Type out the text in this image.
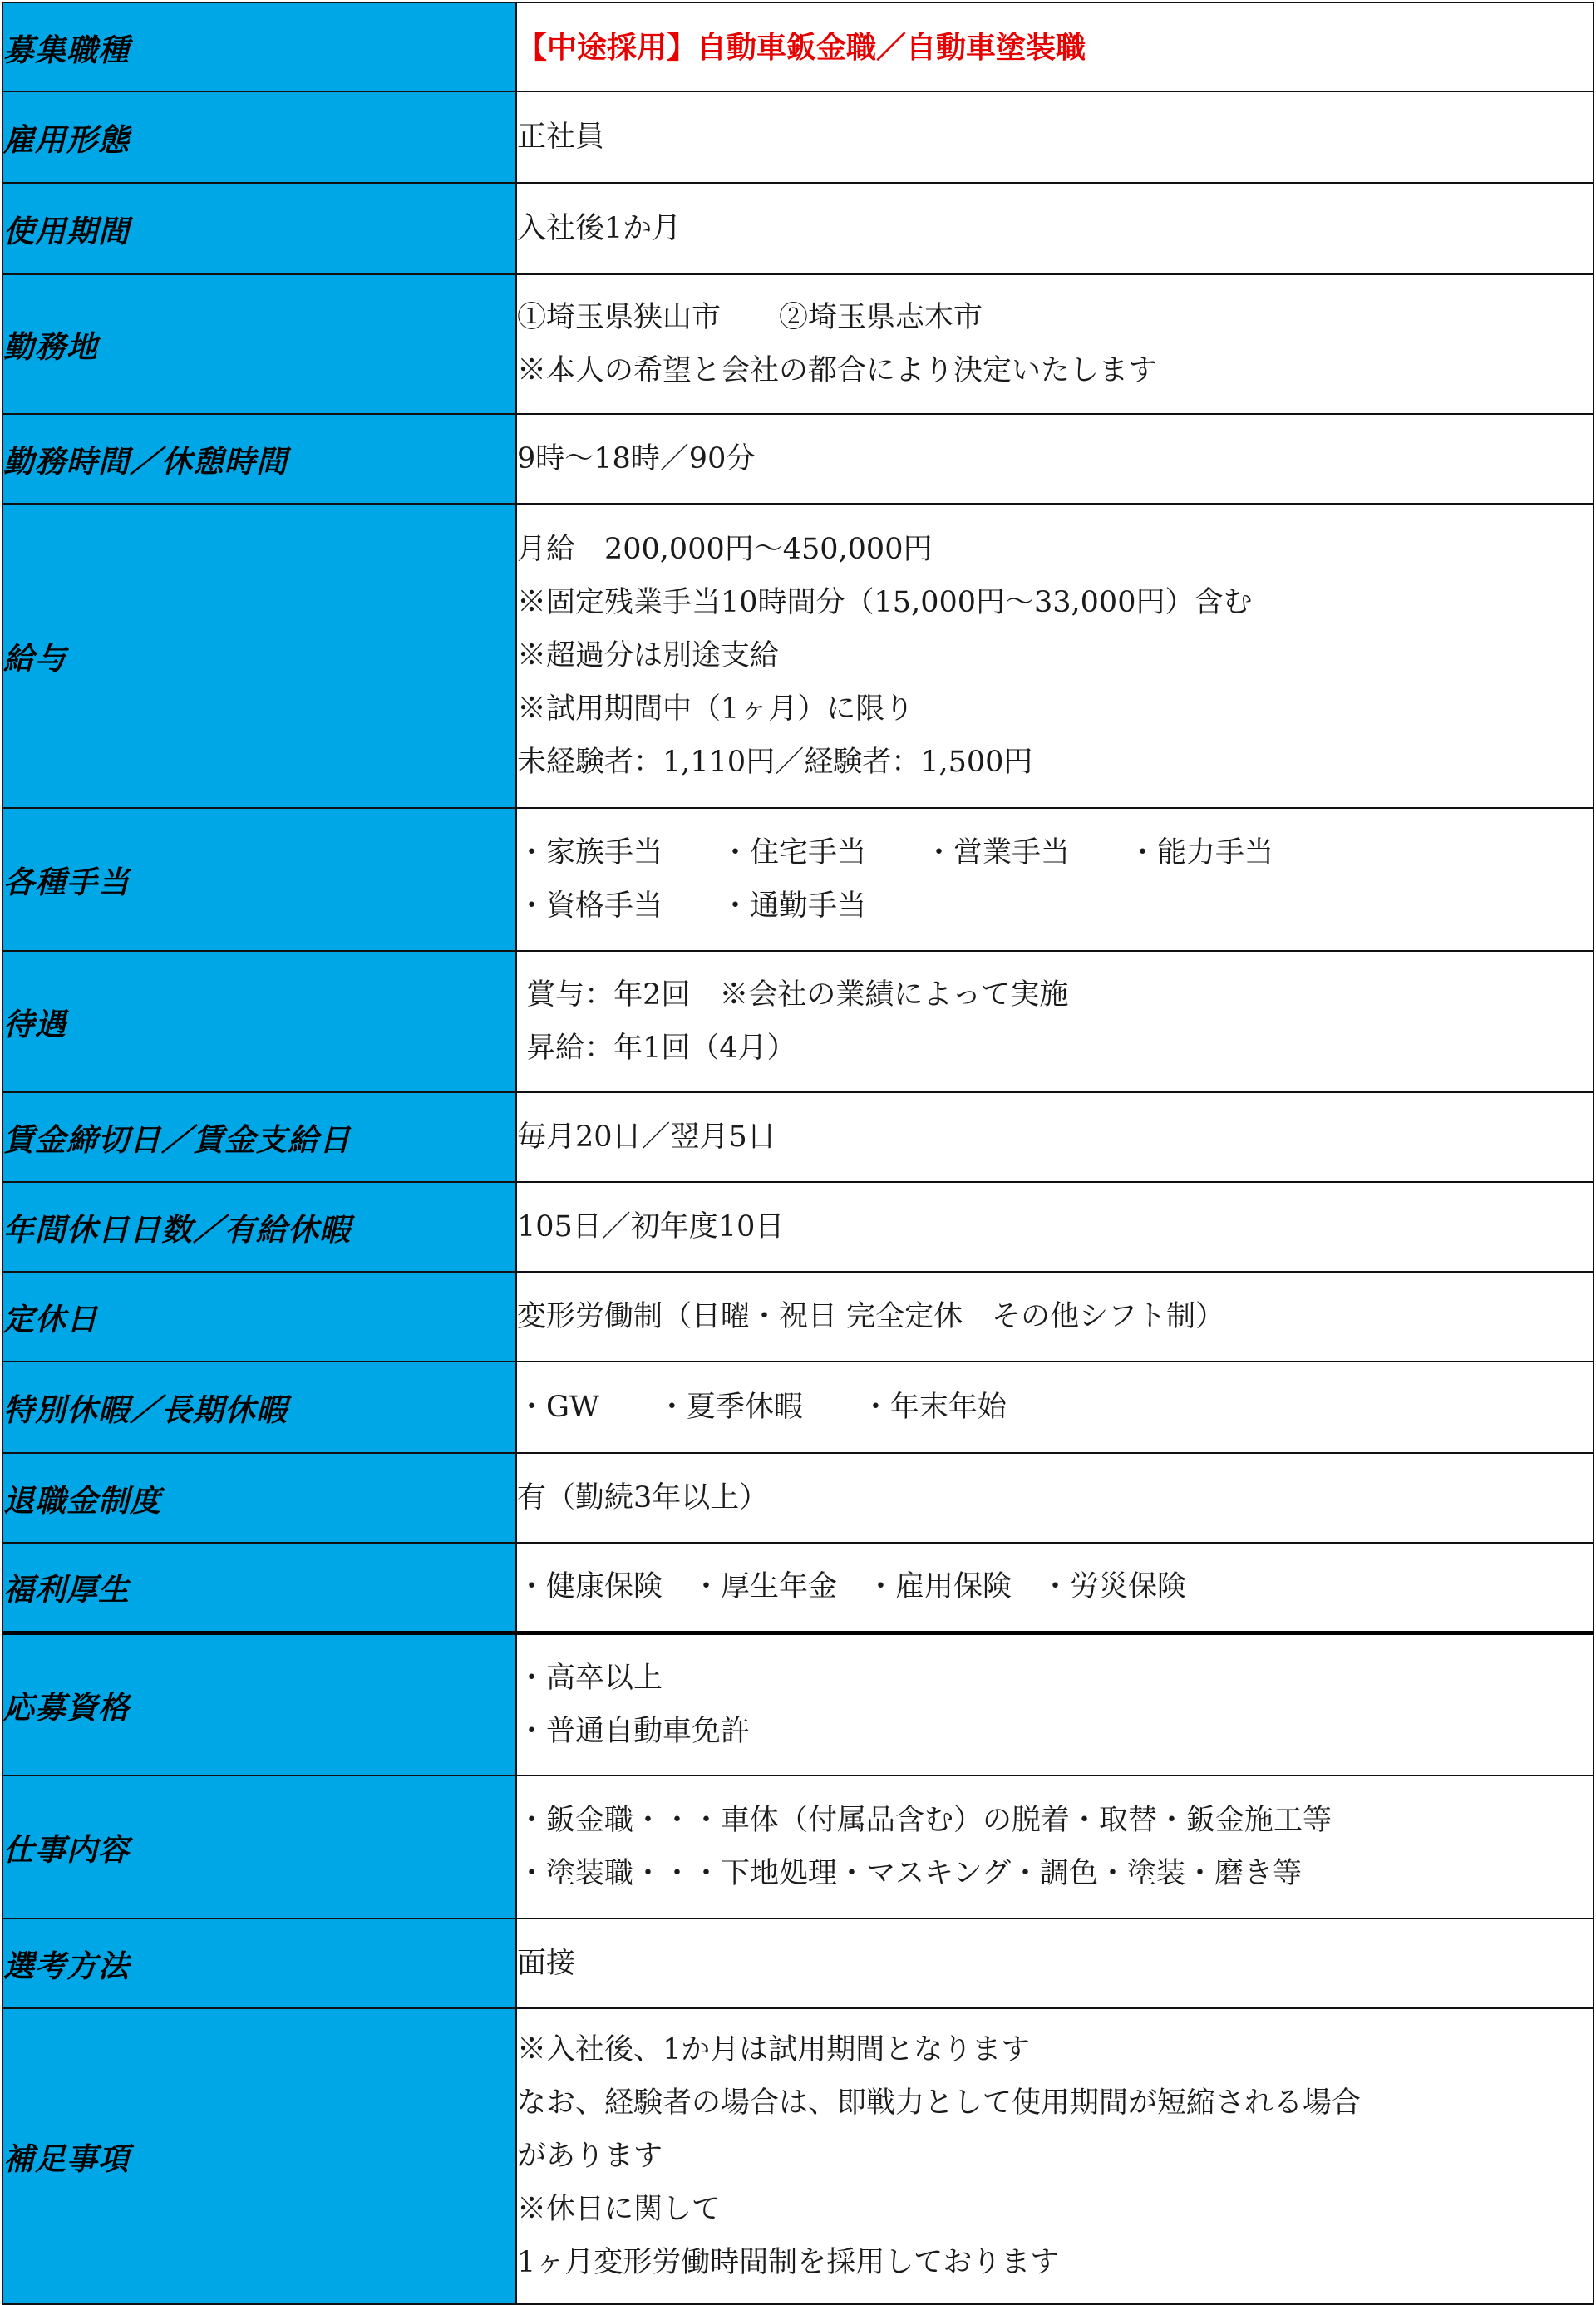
募集職種	【中途採用】自動車鈑金職／自動車塗装職

雇用形態	正社員

使用期間	入社後1か月

勤務地	①埼玉県狭山市　　②埼玉県志木市
※本人の希望と会社の都合により決定いたします

勤務時間／休憩時間	9時～18時／90分

給与	月給　200,000円～450,000円
※固定残業手当10時間分（15,000円～33,000円）含む
※超過分は別途支給
※試用期間中（1ヶ月）に限り
未経験者：1,110円／経験者：1,500円

各種手当	・家族手当　　・住宅手当　　・営業手当　　・能力手当
・資格手当　　・通勤手当

待遇	賞与：年2回　※会社の業績によって実施
昇給：年1回（4月）

賃金締切日／賃金支給日	毎月20日／翌月5日

年間休日日数／有給休暇	105日／初年度10日

定休日	変形労働制（日曜・祝日 完全定休　その他シフト制）

特別休暇／長期休暇	・GW　　・夏季休暇　　・年末年始

退職金制度	有（勤続3年以上）

福利厚生	・健康保険　・厚生年金　・雇用保険　・労災保険

応募資格	・高卒以上
・普通自動車免許

仕事内容	・鈑金職・・・車体（付属品含む）の脱着・取替・鈑金施工等
・塗装職・・・下地処理・マスキング・調色・塗装・磨き等

選考方法	面接

補足事項	※入社後、1か月は試用期間となります
なお、経験者の場合は、即戦力として使用期間が短縮される場合
があります
※休日に関して
1ヶ月変形労働時間制を採用しております
